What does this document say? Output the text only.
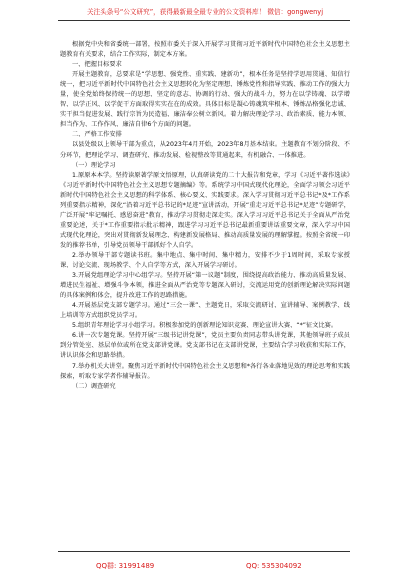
关注头条号“公文研究”，获得最新最全最专业的公文资料库！ 微信：gongwenyj

根据党中央和省委统一部署，按照市委关于深入开展学习贯彻习近平新时代中国特色社会主义思想主题教育有关要求，结合工作实际，制定本方案。

一、把握目标要求

开展主题教育，总要求是“学思想、强党性、重实践、建新功”，根本任务是坚持学思用贯通、知信行统一，把习近平新时代中国特色社会主义思想转化为坚定理想、锤炼党性和指导实践、推动工作的强大力量，使全党始终保持统一的思想、坚定的意志、协调的行动、强大的战斗力，努力在以学铸魂、以学增智、以学正风、以学促干方面取得实实在在的成效。具体目标是凝心铸魂筑牢根本、锤炼品格强化忠诚、实干担当促进发展、践行宗旨为民造福、廉洁奉公树立新风。着力解决理论学习、政治素质、能力本领、担当作为、工作作风、廉洁自律6个方面的问题。

二、严格工作安排

以县处级以上领导干部为重点，从2023年4月开始，2023年8月基本结束。主题教育不划分阶段、不分环节，把理论学习、调查研究、推动发展、检视整改等贯通起来，有机融合、一体推进。

（一）理论学习

1.原原本本学。坚持读原著学原文悟原理，认真研读党的二十大报告和党章，学习《习近平著作选读》《习近平新时代中国特色社会主义思想专题摘编》等。系统学习中国式现代化理论，全面学习领会习近平新时代中国特色社会主义思想的科学体系、核心要义、实践要求。深入学习贯彻习近平总书记*及*工作系列重要指示精神，深化“沿着习近平总书记的*足迹”宣讲活动，开展“重走习近平总书记*足迹”专题研学，广泛开展“牢记嘱托、感恩奋进”教育，推动学习贯彻走深走实。深入学习习近平总书记关于全面从严治党重要论述，关于*工作重要指示批示精神，跟进学习习近平总书记最新重要讲话重要文章，深入学习中国式现代化理论，突出对贯彻新发展理念、构建新发展格局、推动高质量发展的理解掌握。按照全省统一印发的推荐书单，引导党员领导干部抓好个人自学。

2.举办领导干部专题读书班。集中地点、集中时间、集中精力，安排不少于1周时间，采取专家授课、讨论交流、现场教学、个人自学等方式，深入开展学习研讨。

3.开展党组理论学习中心组学习。坚持开展“第一议题”制度，围绕提高政治能力、推动高质量发展、增进民生福祉、增强斗争本领，推进全面从严治党等专题深入研讨，交流运用党的创新理论解决实际问题的具体案例和体会，提升改进工作的思路措施。

4.开展基层党支部专题学习。通过“三会一课”、主题党日，采取交流研讨、宣讲辅导、案例教学、线上培训等方式组织党员学习。

5.组织青年理论学习小组学习。积极参加党的创新理论知识竞赛、理论宣讲大赛、“*”征文比赛。

6.讲一次专题党课。坚持开展“三级书记讲党课”，党员主要负责同志带头讲党课，其他领导班子成员到分管处室、基层单位或所在党支部讲党课。党支部书记在支部讲党课，主要结合学习收获和实际工作，讲认识体会和思路举措。

7.举办机关大讲堂。聚焦习近平新时代中国特色社会主义思想和*各行各业落地见效的理论思考和实践探索，听取专家学者作辅导报告。

（二）调查研究

QQ群: 31991489	QQ: 535304092
